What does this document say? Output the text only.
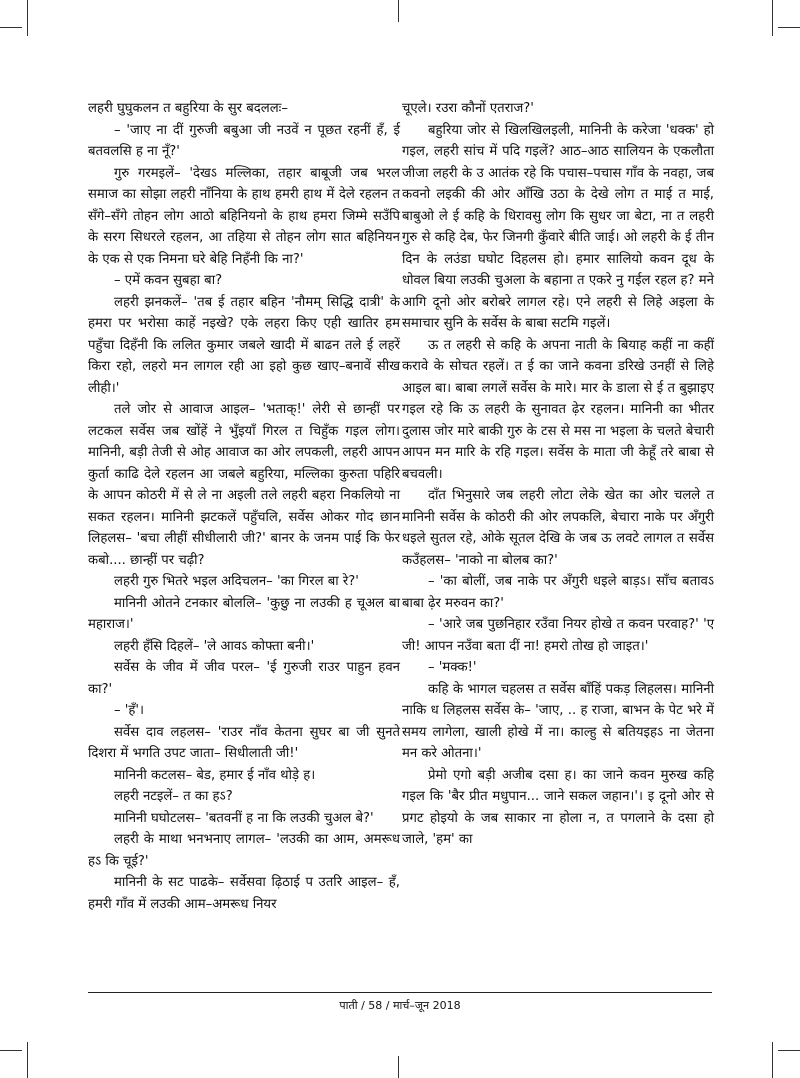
लहरी घुघुकलन त बहुरिया के सुर बदललः–

– 'जाए ना दीं गुरुजी बबुआ जी नउवें न पूछत रहनीं हँ, ई बतवलसि ह ना नूँ?'

गुरु गरमइलें– 'देखऽ मल्लिका, तहार बाबूजी जब भरल समाज का सोझा लहरी नाँनिया के हाथ हमरी हाथ में देले रहलन त सँगे–सँगे तोहन लोग आठो बहिनियनो के हाथ हमरा जिम्मे सउँपि के सरग सिधरले रहलन, आ तहिया से तोहन लोग सात बहिनियन के एक से एक निमना घरे बेहि निहँनी कि ना?'

– एमें कवन सुबहा बा?

लहरी झनकलें– 'तब ई तहार बहिन 'नौमम् सिद्धि दात्री' के हमरा पर भरोसा काहें नइखे? एके लहरा किए एही खातिर हम पहुँचा दिहँनी कि ललित कुमार जबले खादी में बाढन तले ई लहरें किरा रहो, लहरो मन लागल रही आ इहो कुछ खाए–बनावें सीख लीही।'

तले जोर से आवाज आइल– 'भताक्!' लेरी से छान्हीं पर लटकल सर्वेस जब खोंहें ने भुँइयाँ गिरल त चिहुँक गइल लोग। मानिनी, बड़ी तेजी से ओह आवाज का ओर लपकली, लहरी आपन कुर्ता काढि देले रहलन आ जबले बहुरिया, मल्लिका कुरुता पहिरि के आपन कोठरी में से ले ना अइली तले लहरी बहरा निकलियो ना सकत रहलन। मानिनी झटकलें पहुँचलि, सर्वेस ओकर गोद छान लिहलस– 'बचा लीहीं सीधीलारी जी?' बानर के जनम पाई कि फेर कबो.... छान्हीं पर चढ़ी?

लहरी गुरु भितरे भइल अदिचलन– 'का गिरल बा रे?'

मानिनी ओतने टनकार बोललि– 'कुछु ना लउकी ह चूअल बा महाराज।'

लहरी हँसि दिहलें– 'ले आवऽ कोफ्ता बनी।'

सर्वेस के जीव में जीव परल– 'ई गुरुजी राउर पाहुन हवन का?'

– 'हँ'।

सर्वेस दाव लहलस– 'राउर नाँव केतना सुघर बा जी सुनते दिशरा में भगति उपट जाता– सिधीलाती जी!'

मानिनी कटलस– बेड, हमार ई नाँव थोड़े ह।

लहरी नटइलें– त का हऽ?

मानिनी घघोटलस– 'बतवनीं ह ना कि लउकी चुअल बे?'

लहरी के माथा भनभनाए लागल– 'लउकी का आम, अमरूध हऽ कि चूई?'

मानिनी के सट पाढके– सर्वेसवा ढ़िठाई प उतरि आइल– हँ, हमरी गाँव में लउकी आम–अमरूध नियर

चूएले। रउरा कौनों एतराज?'

बहुरिया जोर से खिलखिलइली, मानिनी के करेजा 'धक्क' हो गइल, लहरी सांच में पदि गइलें? आठ–आठ सालियन के एकलौता जीजा लहरी के उ आतंक रहे कि पचास–पचास गाँव के नवहा, जब कवनो लइकी की ओर आँखि उठा के देखे लोग त माई त माई, बाबुओ ले ई कहि के धिरावसु लोग कि सुधर जा बेटा, ना त लहरी गुरु से कहि देब, फेर जिनगी कुँवारे बीति जाई। ओ लहरी के ई तीन दिन के लउंडा घघोट दिहलस हो। हमार सालियो कवन दूध के धोवल बिया लउकी चुअला के बहाना त एकरे नु गईल रहल ह? मने आगि दूनो ओर बरोबरे लागल रहे। एने लहरी से लिहे अइला के समाचार सुनि के सर्वेस के बाबा सटमि गइलें।

ऊ त लहरी से कहि के अपना नाती के बियाह कहीं ना कहीं करावे के सोचत रहलें। त ई का जाने कवना डरिखे उनहीं से लिहे आइल बा। बाबा लगलें सर्वेस के मारे। मार के डाला से ई त बुझाइए गइल रहे कि ऊ लहरी के सुनावत ढ़ेर रहलन। मानिनी का भीतर दुलास जोर मारे बाकी गुरु के टस से मस ना भइला के चलते बेचारी आपन मन मारि के रहि गइल। सर्वेस के माता जी केहूँ तरे बाबा से बचवली।

दाँत भिनुसारे जब लहरी लोटा लेके खेत का ओर चलले त मानिनी सर्वेस के कोठरी की ओर लपकलि, बेचारा नाके पर अँगुरी धइले सुतल रहे, ओके सूतल देखि के जब ऊ लवटे लागल त सर्वेस कउँहलस– 'नाको ना बोलब का?'

– 'का बोलीं, जब नाके पर अँगुरी धइले बाड़ऽ। साँच बतावऽ बाबा ढ़ेर मरुवन का?'

– 'आरे जब पुछनिहार रउँवा नियर होखे त कवन परवाह?' 'ए जी! आपन नउँवा बता दीं ना! हमरो तोख हो जाइत।'

– 'मक्क!'

कहि के भागल चहलस त सर्वेस बाँहिं पकड़ लिहलस। मानिनी नाकि ध लिहलस सर्वेस के– 'जाए, .. ह राजा, बाभन के पेट भरे में समय लागेला, खाली होखे में ना। काल्हु से बतियइहऽ ना जेतना मन करे ओतना।'

प्रेमो एगो बड़ी अजीब दसा ह। का जाने कवन मुरुख कहि गइल कि 'बैर प्रीत मधुपान... जाने सकल जहान।'। इ दूनो ओर से प्रगट होइयो के जब साकार ना होला न, त पगलाने के दसा हो जाले, 'हम' का

पाती / 58 / मार्च–जून 2018
